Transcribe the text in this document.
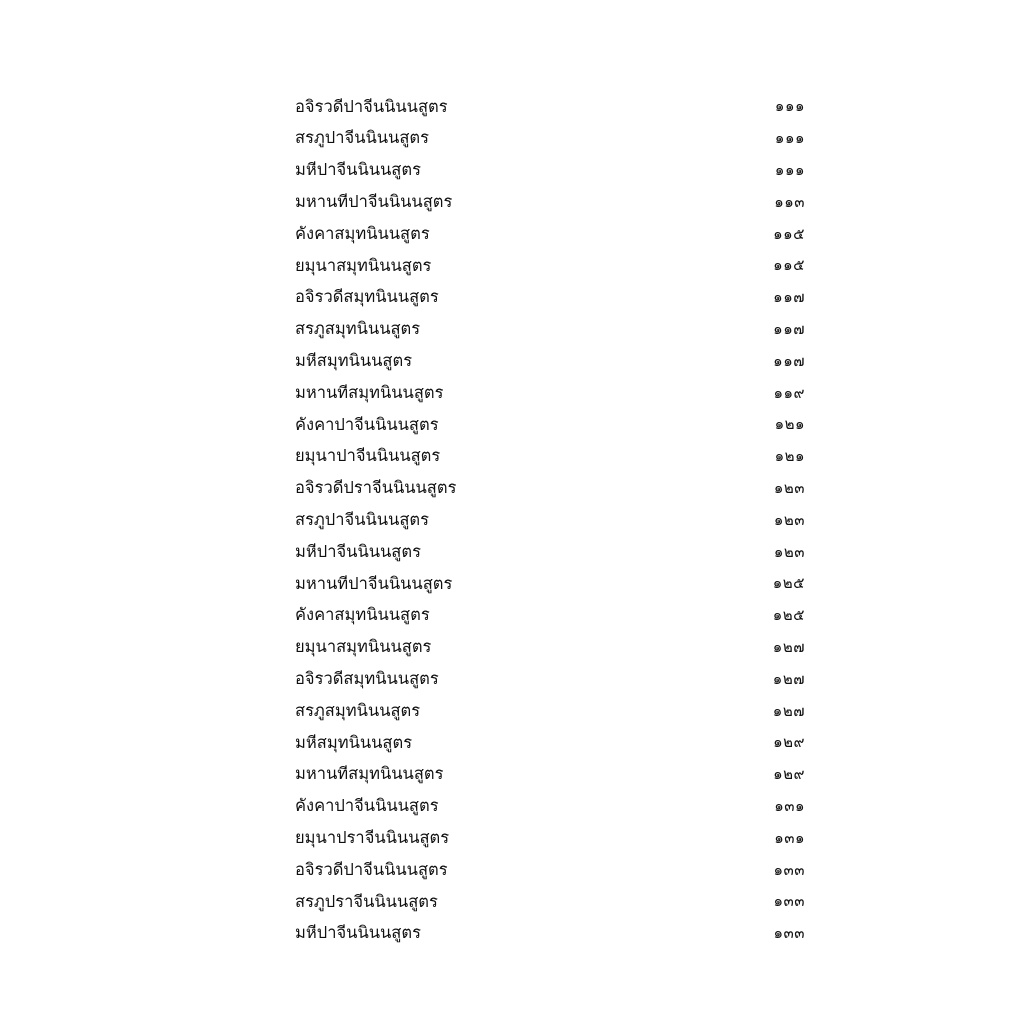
อจิรวดีปาจีนนินนสูตร	๑๑๑
สรภูปาจีนนินนสูตร	๑๑๑
มหีปาจีนนินนสูตร	๑๑๑
มหานทีปาจีนนินนสูตร	๑๑๓
คังคาสมุทนินนสูตร	๑๑๕
ยมุนาสมุทนินนสูตร	๑๑๕
อจิรวดีสมุทนินนสูตร	๑๑๗
สรภูสมุทนินนสูตร	๑๑๗
มหีสมุทนินนสูตร	๑๑๗
มหานทีสมุทนินนสูตร	๑๑๙
คังคาปาจีนนินนสูตร	๑๒๑
ยมุนาปาจีนนินนสูตร	๑๒๑
อจิรวดีปราจีนนินนสูตร	๑๒๓
สรภูปาจีนนินนสูตร	๑๒๓
มหีปาจีนนินนสูตร	๑๒๓
มหานทีปาจีนนินนสูตร	๑๒๕
คังคาสมุทนินนสูตร	๑๒๕
ยมุนาสมุทนินนสูตร	๑๒๗
อจิรวดีสมุทนินนสูตร	๑๒๗
สรภูสมุทนินนสูตร	๑๒๗
มหีสมุทนินนสูตร	๑๒๙
มหานทีสมุทนินนสูตร	๑๒๙
คังคาปาจีนนินนสูตร	๑๓๑
ยมุนาปราจีนนินนสูตร	๑๓๑
อจิรวดีปาจีนนินนสูตร	๑๓๓
สรภูปราจีนนินนสูตร	๑๓๓
มหีปาจีนนินนสูตร	๑๓๓
